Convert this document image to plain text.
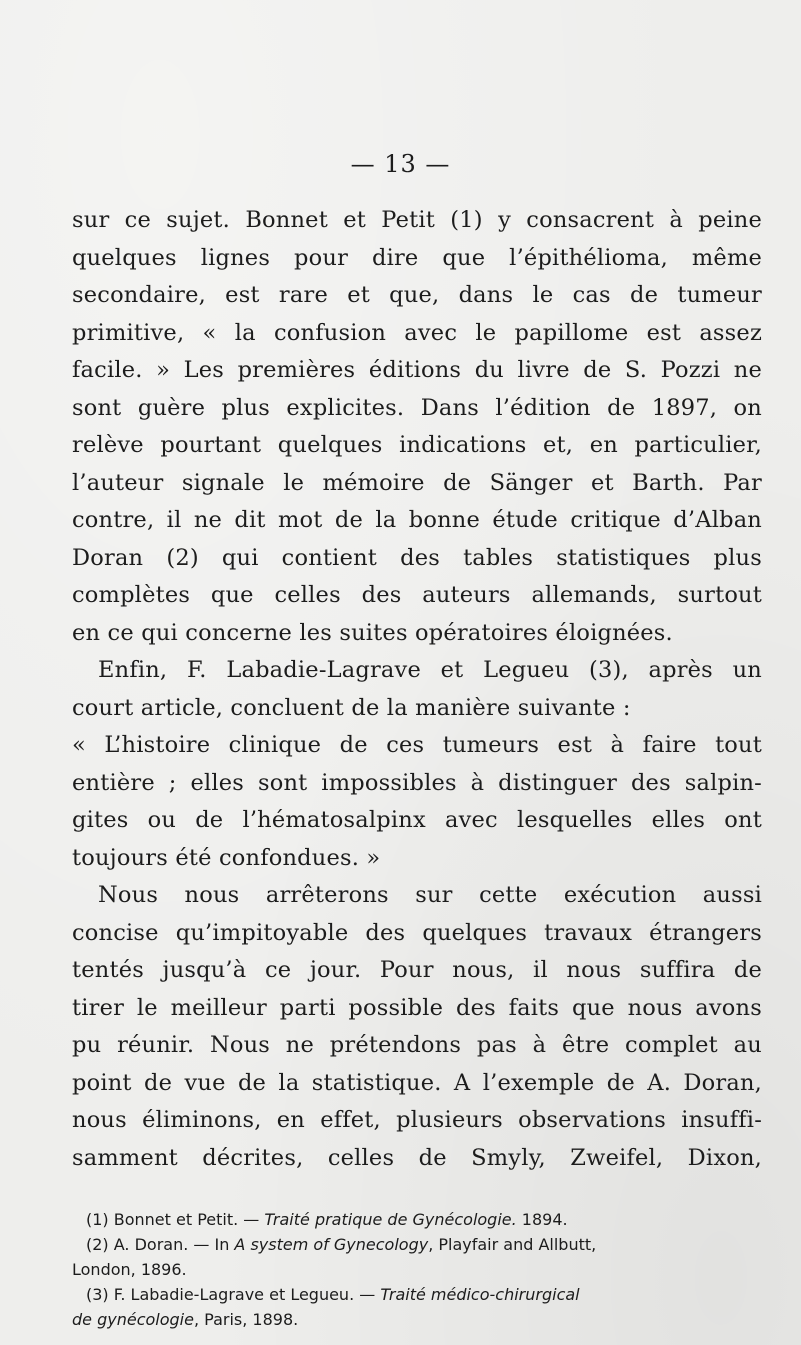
— 13 —
sur ce sujet. Bonnet et Petit (1) y consacrent à peine
quelques lignes pour dire que l’épithélioma, même
secondaire, est rare et que, dans le cas de tumeur
primitive, « la confusion avec le papillome est assez
facile. » Les premières éditions du livre de S. Pozzi ne
sont guère plus explicites. Dans l’édition de 1897, on
relève pourtant quelques indications et, en particulier,
l’auteur signale le mémoire de Sänger et Barth. Par
contre, il ne dit mot de la bonne étude critique d’Alban
Doran (2) qui contient des tables statistiques plus
complètes que celles des auteurs allemands, surtout
en ce qui concerne les suites opératoires éloignées.
Enfin, F. Labadie-Lagrave et Legueu (3), après un
court article, concluent de la manière suivante :
« L’histoire clinique de ces tumeurs est à faire tout
entière ; elles sont impossibles à distinguer des salpin-
gites ou de l’hématosalpinx avec lesquelles elles ont
toujours été confondues. »
Nous nous arrêterons sur cette exécution aussi
concise qu’impitoyable des quelques travaux étrangers
tentés jusqu’à ce jour. Pour nous, il nous suffira de
tirer le meilleur parti possible des faits que nous avons
pu réunir. Nous ne prétendons pas à être complet au
point de vue de la statistique. A l’exemple de A. Doran,
nous éliminons, en effet, plusieurs observations insuffi-
samment décrites, celles de Smyly, Zweifel, Dixon,
(1) Bonnet et Petit. — Traité pratique de Gynécologie. 1894.
(2) A. Doran. — In A system of Gynecology, Playfair and Allbutt,
London, 1896.
(3) F. Labadie-Lagrave et Legueu. — Traité médico-chirurgical
de gynécologie, Paris, 1898.
